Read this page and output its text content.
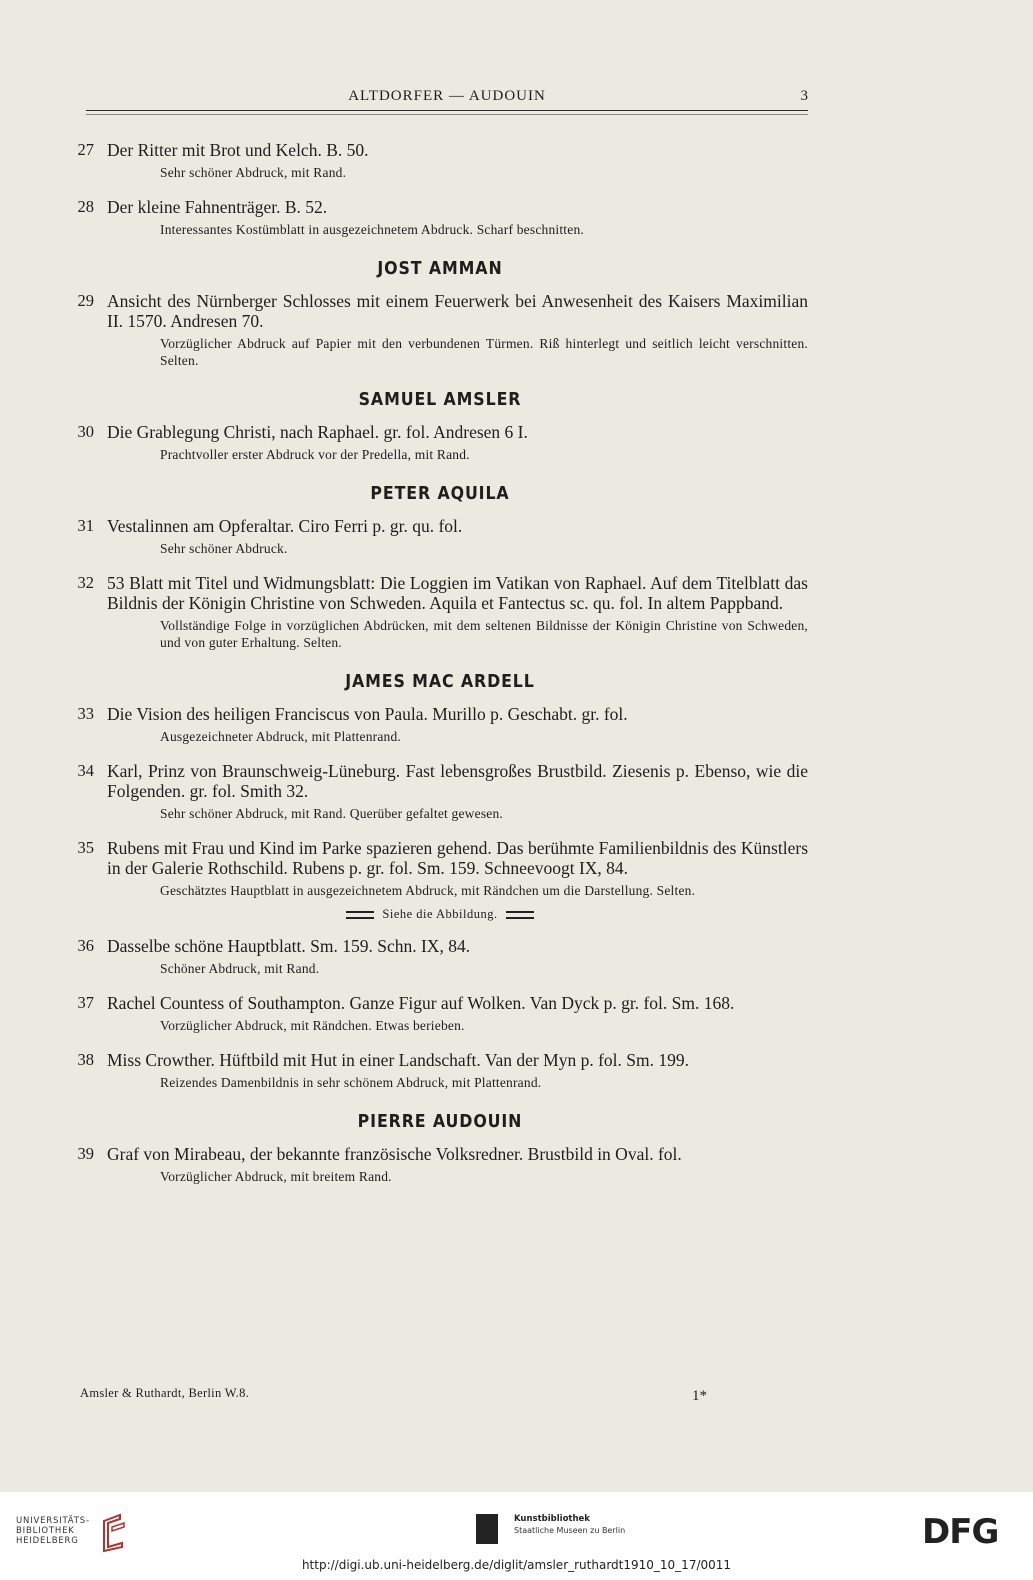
ALTDORFER — AUDOUIN	3
27 Der Ritter mit Brot und Kelch. B. 50.
Sehr schöner Abdruck, mit Rand.
28 Der kleine Fahnenträger. B. 52.
Interessantes Kostümblatt in ausgezeichnetem Abdruck. Scharf beschnitten.
JOST AMMAN
29 Ansicht des Nürnberger Schlosses mit einem Feuerwerk bei Anwesenheit des Kaisers Maximilian II. 1570. Andresen 70.
Vorzüglicher Abdruck auf Papier mit den verbundenen Türmen. Riß hinterlegt und seitlich leicht verschnitten. Selten.
SAMUEL AMSLER
30 Die Grablegung Christi, nach Raphael. gr. fol. Andresen 6 I.
Prachtvoller erster Abdruck vor der Predella, mit Rand.
PETER AQUILA
31 Vestalinnen am Opferaltar. Ciro Ferri p. gr. qu. fol.
Sehr schöner Abdruck.
32 53 Blatt mit Titel und Widmungsblatt: Die Loggien im Vatikan von Raphael. Auf dem Titelblatt das Bildnis der Königin Christine von Schweden. Aquila et Fantectus sc. qu. fol. In altem Pappband.
Vollständige Folge in vorzüglichen Abdrücken, mit dem seltenen Bildnisse der Königin Christine von Schweden, und von guter Erhaltung. Selten.
JAMES MAC ARDELL
33 Die Vision des heiligen Franciscus von Paula. Murillo p. Geschabt. gr. fol.
Ausgezeichneter Abdruck, mit Plattenrand.
34 Karl, Prinz von Braunschweig-Lüneburg. Fast lebensgroßes Brustbild. Ziesenis p. Ebenso, wie die Folgenden. gr. fol. Smith 32.
Sehr schöner Abdruck, mit Rand. Querüber gefaltet gewesen.
35 Rubens mit Frau und Kind im Parke spazieren gehend. Das berühmte Familienbildnis des Künstlers in der Galerie Rothschild. Rubens p. gr. fol. Sm. 159. Schneevoogt IX, 84.
Geschätztes Hauptblatt in ausgezeichnetem Abdruck, mit Rändchen um die Darstellung. Selten.
Siehe die Abbildung.
36 Dasselbe schöne Hauptblatt. Sm. 159. Schn. IX, 84.
Schöner Abdruck, mit Rand.
37 Rachel Countess of Southampton. Ganze Figur auf Wolken. Van Dyck p. gr. fol. Sm. 168.
Vorzüglicher Abdruck, mit Rändchen. Etwas berieben.
38 Miss Crowther. Hüftbild mit Hut in einer Landschaft. Van der Myn p. fol. Sm. 199.
Reizendes Damenbildnis in sehr schönem Abdruck, mit Plattenrand.
PIERRE AUDOUIN
39 Graf von Mirabeau, der bekannte französische Volksredner. Brustbild in Oval. fol.
Vorzüglicher Abdruck, mit breitem Rand.
Amsler & Ruthardt, Berlin W.8.	1*
UNIVERSITÄTS-
BIBLIOTHEK
HEIDELBERG
Kunstbibliothek
Staatliche Museen zu Berlin	DFG
http://digi.ub.uni-heidelberg.de/diglit/amsler_ruthardt1910_10_17/0011
